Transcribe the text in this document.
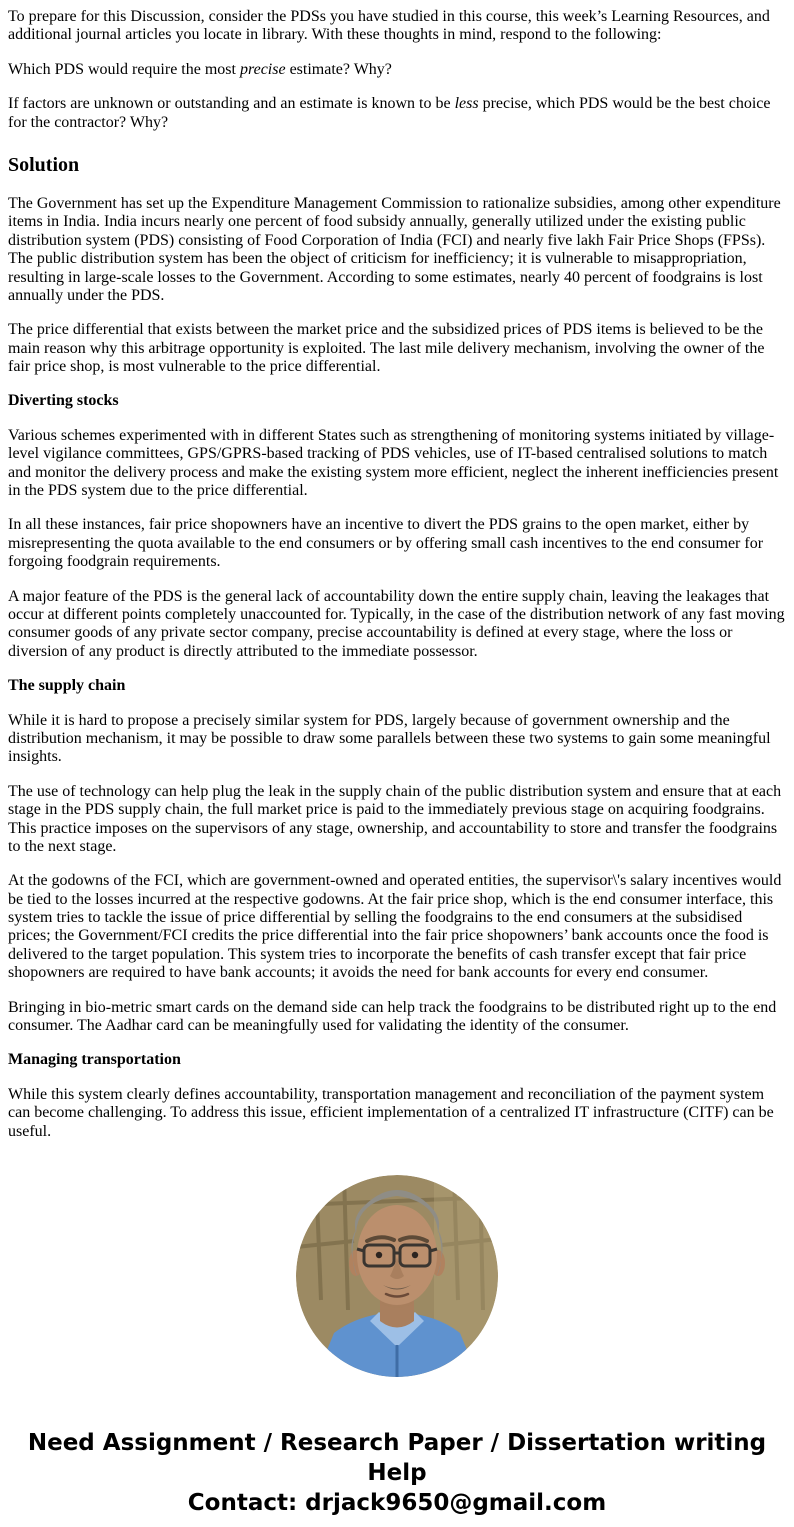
To prepare for this Discussion, consider the PDSs you have studied in this course, this week’s Learning Resources, and additional journal articles you locate in library. With these thoughts in mind, respond to the following:

Which PDS would require the most precise estimate? Why?

If factors are unknown or outstanding and an estimate is known to be less precise, which PDS would be the best choice for the contractor? Why?

Solution

The Government has set up the Expenditure Management Commission to rationalize subsidies, among other expenditure items in India. India incurs nearly one percent of food subsidy annually, generally utilized under the existing public distribution system (PDS) consisting of Food Corporation of India (FCI) and nearly five lakh Fair Price Shops (FPSs). The public distribution system has been the object of criticism for inefficiency; it is vulnerable to misappropriation, resulting in large-scale losses to the Government. According to some estimates, nearly 40 percent of foodgrains is lost annually under the PDS.

The price differential that exists between the market price and the subsidized prices of PDS items is believed to be the main reason why this arbitrage opportunity is exploited. The last mile delivery mechanism, involving the owner of the fair price shop, is most vulnerable to the price differential.

Diverting stocks

Various schemes experimented with in different States such as strengthening of monitoring systems initiated by village-level vigilance committees, GPS/GPRS-based tracking of PDS vehicles, use of IT-based centralised solutions to match and monitor the delivery process and make the existing system more efficient, neglect the inherent inefficiencies present in the PDS system due to the price differential.

In all these instances, fair price shopowners have an incentive to divert the PDS grains to the open market, either by misrepresenting the quota available to the end consumers or by offering small cash incentives to the end consumer for forgoing foodgrain requirements.

A major feature of the PDS is the general lack of accountability down the entire supply chain, leaving the leakages that occur at different points completely unaccounted for. Typically, in the case of the distribution network of any fast moving consumer goods of any private sector company, precise accountability is defined at every stage, where the loss or diversion of any product is directly attributed to the immediate possessor.

The supply chain

While it is hard to propose a precisely similar system for PDS, largely because of government ownership and the distribution mechanism, it may be possible to draw some parallels between these two systems to gain some meaningful insights.

The use of technology can help plug the leak in the supply chain of the public distribution system and ensure that at each stage in the PDS supply chain, the full market price is paid to the immediately previous stage on acquiring foodgrains. This practice imposes on the supervisors of any stage, ownership, and accountability to store and transfer the foodgrains to the next stage.

At the godowns of the FCI, which are government-owned and operated entities, the supervisor\'s salary incentives would be tied to the losses incurred at the respective godowns. At the fair price shop, which is the end consumer interface, this system tries to tackle the issue of price differential by selling the foodgrains to the end consumers at the subsidised prices; the Government/FCI credits the price differential into the fair price shopowners’ bank accounts once the food is delivered to the target population. This system tries to incorporate the benefits of cash transfer except that fair price shopowners are required to have bank accounts; it avoids the need for bank accounts for every end consumer.

Bringing in bio-metric smart cards on the demand side can help track the foodgrains to be distributed right up to the end consumer. The Aadhar card can be meaningfully used for validating the identity of the consumer.

Managing transportation

While this system clearly defines accountability, transportation management and reconciliation of the payment system can become challenging. To address this issue, efficient implementation of a centralized IT infrastructure (CITF) can be useful.

Need Assignment / Research Paper / Dissertation writing Help
Contact: drjack9650@gmail.com
